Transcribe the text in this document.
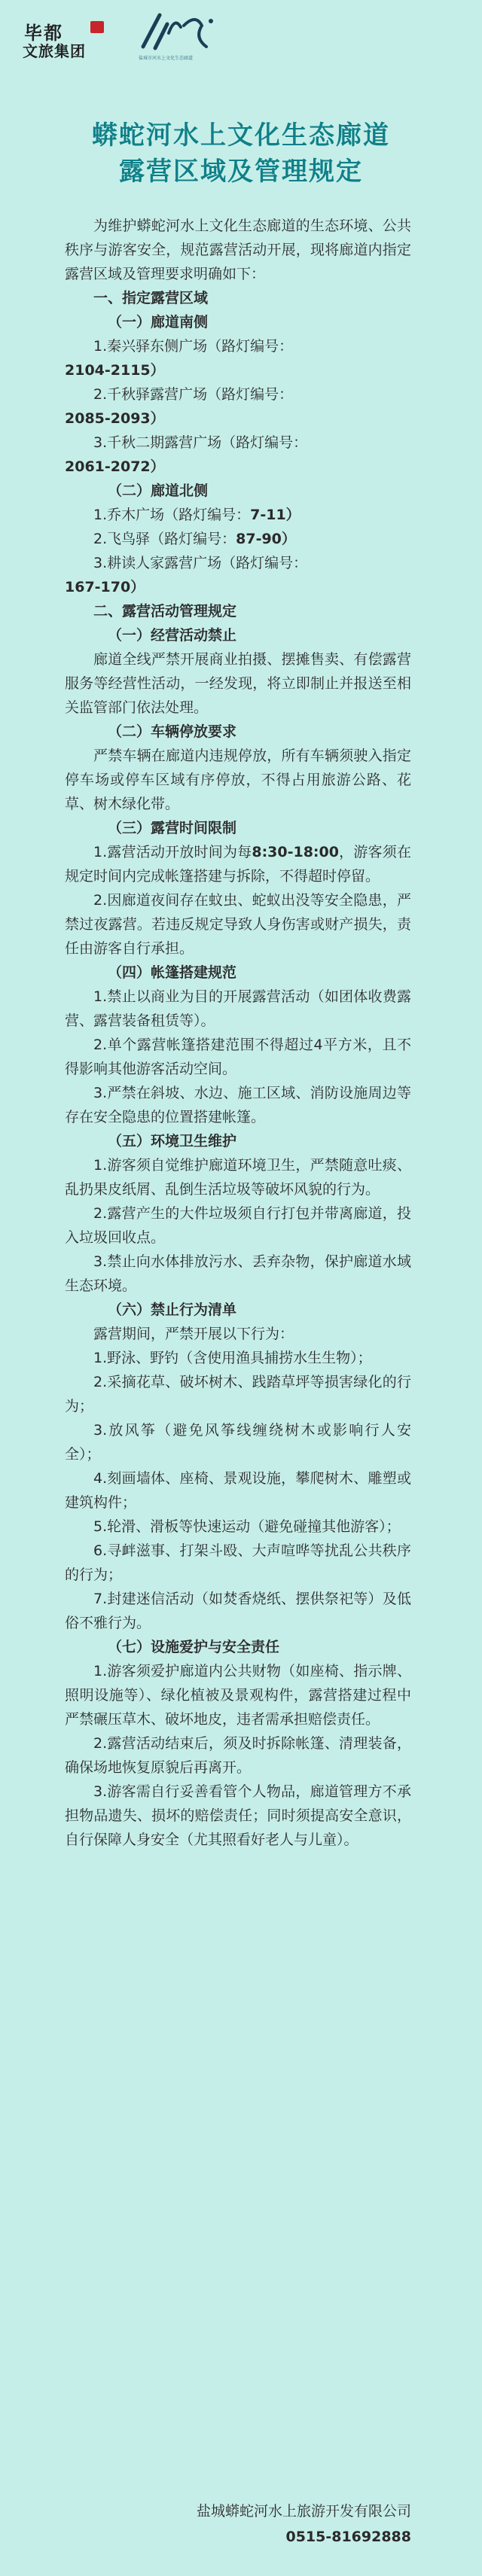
毕都
文旅集团	盐城市河水上文化生态廊道
蟒蛇河水上文化生态廊道
露营区域及管理规定

为维护蟒蛇河水上文化生态廊道的生态环境、公共秩序与游客安全，规范露营活动开展，现将廊道内指定露营区域及管理要求明确如下：

一、指定露营区域

（一）廊道南侧

1.秦兴驿东侧广场（路灯编号：

2104-2115）

2.千秋驿露营广场（路灯编号：

2085-2093）

3.千秋二期露营广场（路灯编号：

2061-2072）

（二）廊道北侧

1.乔木广场（路灯编号：7-11）

2.飞鸟驿（路灯编号：87-90）

3.耕读人家露营广场（路灯编号：

167-170）

二、露营活动管理规定

（一）经营活动禁止

廊道全线严禁开展商业拍摄、摆摊售卖、有偿露营服务等经营性活动，一经发现，将立即制止并报送至相关监管部门依法处理。

（二）车辆停放要求

严禁车辆在廊道内违规停放，所有车辆须驶入指定停车场或停车区域有序停放，不得占用旅游公路、花草、树木绿化带。

（三）露营时间限制

1.露营活动开放时间为每8:30-18:00，游客须在规定时间内完成帐篷搭建与拆除，不得超时停留。

2.因廊道夜间存在蚊虫、蛇蚁出没等安全隐患，严禁过夜露营。若违反规定导致人身伤害或财产损失，责任由游客自行承担。

（四）帐篷搭建规范

1.禁止以商业为目的开展露营活动（如团体收费露营、露营装备租赁等）。

2.单个露营帐篷搭建范围不得超过4平方米，且不得影响其他游客活动空间。

3.严禁在斜坡、水边、施工区域、消防设施周边等存在安全隐患的位置搭建帐篷。

（五）环境卫生维护

1.游客须自觉维护廊道环境卫生，严禁随意吐痰、乱扔果皮纸屑、乱倒生活垃圾等破坏风貌的行为。

2.露营产生的大件垃圾须自行打包并带离廊道，投入垃圾回收点。

3.禁止向水体排放污水、丢弃杂物，保护廊道水域生态环境。

（六）禁止行为清单

露营期间，严禁开展以下行为：

1.野泳、野钓（含使用渔具捕捞水生生物）；

2.采摘花草、破坏树木、践踏草坪等损害绿化的行为；

3.放风筝（避免风筝线缠绕树木或影响行人安全）；

4.刻画墙体、座椅、景观设施，攀爬树木、雕塑或建筑构件；

5.轮滑、滑板等快速运动（避免碰撞其他游客）；

6.寻衅滋事、打架斗殴、大声喧哗等扰乱公共秩序的行为；

7.封建迷信活动（如焚香烧纸、摆供祭祀等）及低俗不雅行为。

（七）设施爱护与安全责任

1.游客须爱护廊道内公共财物（如座椅、指示牌、照明设施等）、绿化植被及景观构件，露营搭建过程中严禁碾压草木、破坏地皮，违者需承担赔偿责任。

2.露营活动结束后，须及时拆除帐篷、清理装备，确保场地恢复原貌后再离开。

3.游客需自行妥善看管个人物品，廊道管理方不承担物品遗失、损坏的赔偿责任；同时须提高安全意识，自行保障人身安全（尤其照看好老人与儿童）。

盐城蟒蛇河水上旅游开发有限公司
0515-81692888
